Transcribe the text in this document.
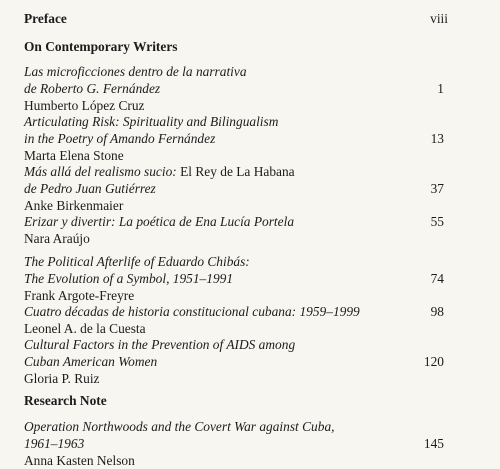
Preface	viii
On Contemporary Writers
Las microficciones dentro de la narrativa
de Roberto G. Fernández	1
Humberto López Cruz
Articulating Risk: Spirituality and Bilingualism
in the Poetry of Amando Fernández	13
Marta Elena Stone
Más allá del realismo sucio: El Rey de La Habana
de Pedro Juan Gutiérrez	37
Anke Birkenmaier
Erizar y divertir: La poética de Ena Lucía Portela	55
Nara Araújo
The Political Afterlife of Eduardo Chibás:
The Evolution of a Symbol, 1951–1991	74
Frank Argote-Freyre
Cuatro décadas de historia constitucional cubana: 1959–1999	98
Leonel A. de la Cuesta
Cultural Factors in the Prevention of AIDS among
Cuban American Women	120
Gloria P. Ruiz
Research Note
Operation Northwoods and the Covert War against Cuba,
1961–1963	145
Anna Kasten Nelson
